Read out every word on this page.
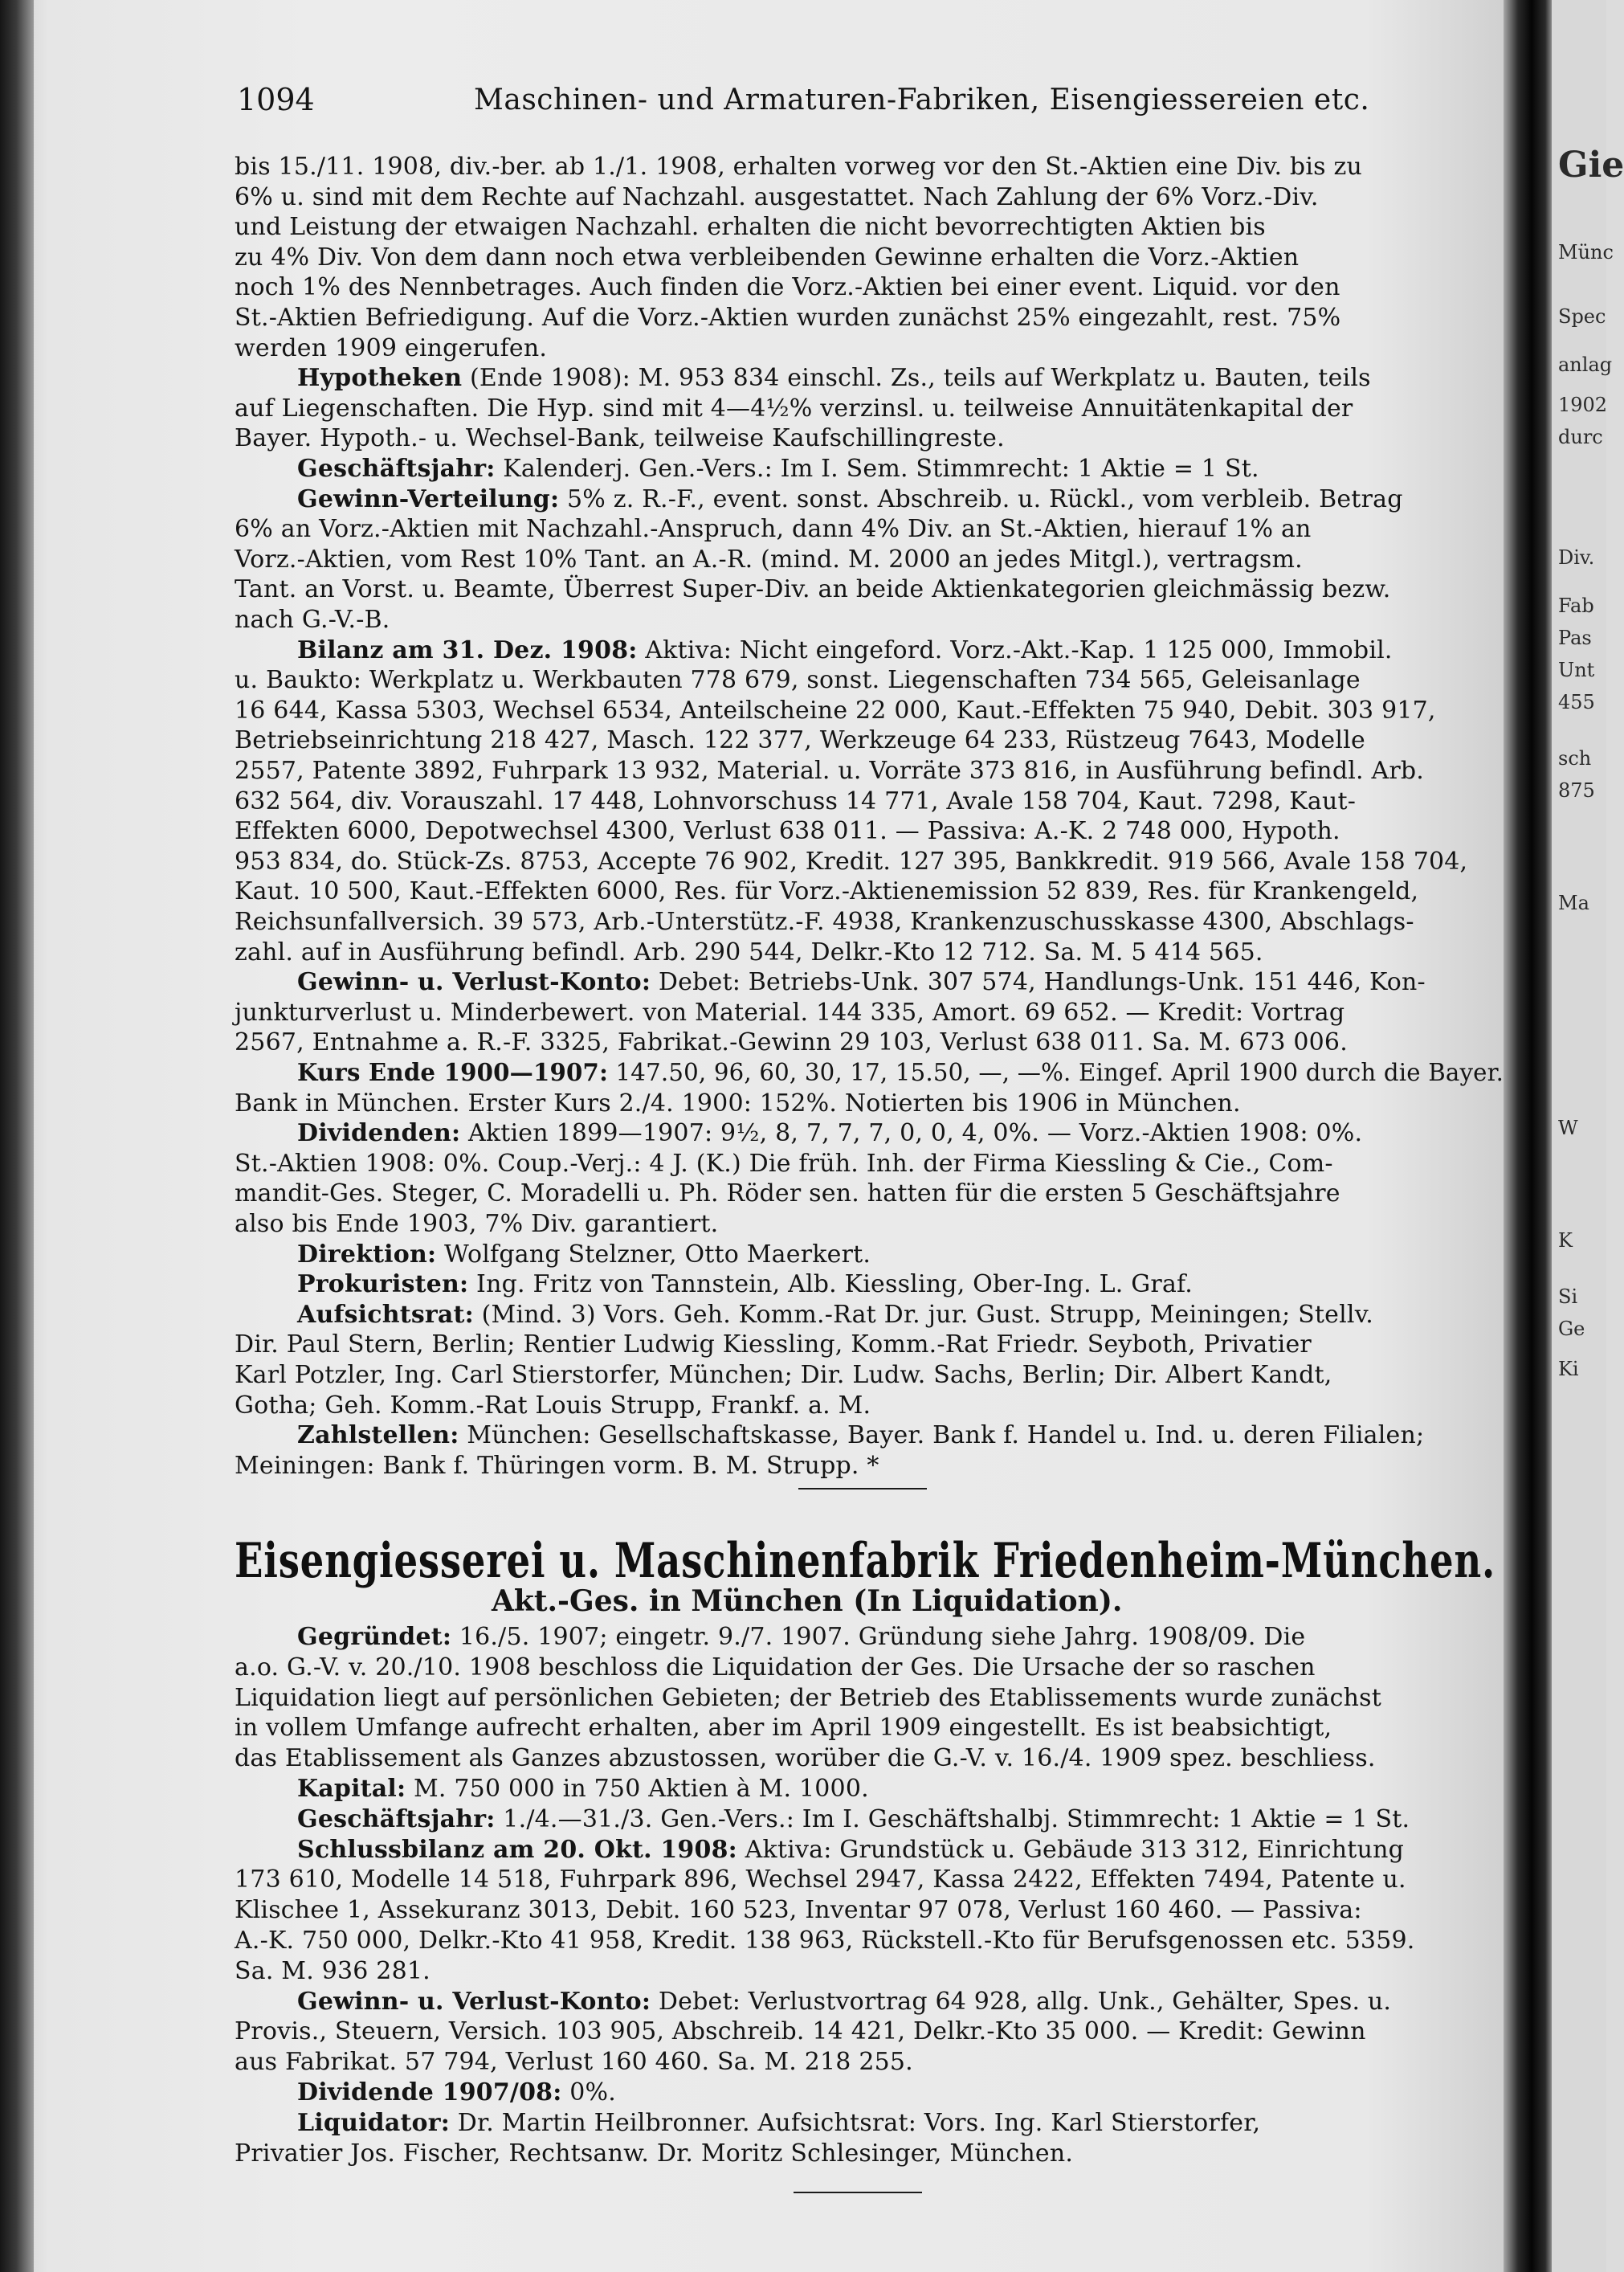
1094	Maschinen- und Armaturen-Fabriken, Eisengiessereien etc.
bis 15./11. 1908, div.-ber. ab 1./1. 1908, erhalten vorweg vor den St.-Aktien eine Div. bis zu
6% u. sind mit dem Rechte auf Nachzahl. ausgestattet. Nach Zahlung der 6% Vorz.-Div.
und Leistung der etwaigen Nachzahl. erhalten die nicht bevorrechtigten Aktien bis
zu 4% Div. Von dem dann noch etwa verbleibenden Gewinne erhalten die Vorz.-Aktien
noch 1% des Nennbetrages. Auch finden die Vorz.-Aktien bei einer event. Liquid. vor den
St.-Aktien Befriedigung. Auf die Vorz.-Aktien wurden zunächst 25% eingezahlt, rest. 75%
werden 1909 eingerufen.
Hypotheken (Ende 1908): M. 953 834 einschl. Zs., teils auf Werkplatz u. Bauten, teils
auf Liegenschaften. Die Hyp. sind mit 4—4½% verzinsl. u. teilweise Annuitätenkapital der
Bayer. Hypoth.- u. Wechsel-Bank, teilweise Kaufschillingreste.
Geschäftsjahr: Kalenderj. Gen.-Vers.: Im I. Sem. Stimmrecht: 1 Aktie = 1 St.
Gewinn-Verteilung: 5% z. R.-F., event. sonst. Abschreib. u. Rückl., vom verbleib. Betrag
6% an Vorz.-Aktien mit Nachzahl.-Anspruch, dann 4% Div. an St.-Aktien, hierauf 1% an
Vorz.-Aktien, vom Rest 10% Tant. an A.-R. (mind. M. 2000 an jedes Mitgl.), vertragsm.
Tant. an Vorst. u. Beamte, Überrest Super-Div. an beide Aktienkategorien gleichmässig bezw.
nach G.-V.-B.
Bilanz am 31. Dez. 1908: Aktiva: Nicht eingeford. Vorz.-Akt.-Kap. 1 125 000, Immobil.
u. Baukto: Werkplatz u. Werkbauten 778 679, sonst. Liegenschaften 734 565, Geleisanlage
16 644, Kassa 5303, Wechsel 6534, Anteilscheine 22 000, Kaut.-Effekten 75 940, Debit. 303 917,
Betriebseinrichtung 218 427, Masch. 122 377, Werkzeuge 64 233, Rüstzeug 7643, Modelle
2557, Patente 3892, Fuhrpark 13 932, Material. u. Vorräte 373 816, in Ausführung befindl. Arb.
632 564, div. Vorauszahl. 17 448, Lohnvorschuss 14 771, Avale 158 704, Kaut. 7298, Kaut-
Effekten 6000, Depotwechsel 4300, Verlust 638 011. — Passiva: A.-K. 2 748 000, Hypoth.
953 834, do. Stück-Zs. 8753, Accepte 76 902, Kredit. 127 395, Bankkredit. 919 566, Avale 158 704,
Kaut. 10 500, Kaut.-Effekten 6000, Res. für Vorz.-Aktienemission 52 839, Res. für Krankengeld,
Reichsunfallversich. 39 573, Arb.-Unterstütz.-F. 4938, Krankenzuschusskasse 4300, Abschlags-
zahl. auf in Ausführung befindl. Arb. 290 544, Delkr.-Kto 12 712. Sa. M. 5 414 565.
Gewinn- u. Verlust-Konto: Debet: Betriebs-Unk. 307 574, Handlungs-Unk. 151 446, Kon-
junkturverlust u. Minderbewert. von Material. 144 335, Amort. 69 652. — Kredit: Vortrag
2567, Entnahme a. R.-F. 3325, Fabrikat.-Gewinn 29 103, Verlust 638 011. Sa. M. 673 006.
Kurs Ende 1900—1907: 147.50, 96, 60, 30, 17, 15.50, —, —%. Eingef. April 1900 durch die Bayer.
Bank in München. Erster Kurs 2./4. 1900: 152%. Notierten bis 1906 in München.
Dividenden: Aktien 1899—1907: 9½, 8, 7, 7, 7, 0, 0, 4, 0%. — Vorz.-Aktien 1908: 0%.
St.-Aktien 1908: 0%. Coup.-Verj.: 4 J. (K.) Die früh. Inh. der Firma Kiessling & Cie., Com-
mandit-Ges. Steger, C. Moradelli u. Ph. Röder sen. hatten für die ersten 5 Geschäftsjahre
also bis Ende 1903, 7% Div. garantiert.
Direktion: Wolfgang Stelzner, Otto Maerkert.
Prokuristen: Ing. Fritz von Tannstein, Alb. Kiessling, Ober-Ing. L. Graf.
Aufsichtsrat: (Mind. 3) Vors. Geh. Komm.-Rat Dr. jur. Gust. Strupp, Meiningen; Stellv.
Dir. Paul Stern, Berlin; Rentier Ludwig Kiessling, Komm.-Rat Friedr. Seyboth, Privatier
Karl Potzler, Ing. Carl Stierstorfer, München; Dir. Ludw. Sachs, Berlin; Dir. Albert Kandt,
Gotha; Geh. Komm.-Rat Louis Strupp, Frankf. a. M.
Zahlstellen: München: Gesellschaftskasse, Bayer. Bank f. Handel u. Ind. u. deren Filialen;
Meiningen: Bank f. Thüringen vorm. B. M. Strupp. *
Eisengiesserei u. Maschinenfabrik Friedenheim-München.
Akt.-Ges. in München (In Liquidation).
Gegründet: 16./5. 1907; eingetr. 9./7. 1907. Gründung siehe Jahrg. 1908/09. Die
a.o. G.-V. v. 20./10. 1908 beschloss die Liquidation der Ges. Die Ursache der so raschen
Liquidation liegt auf persönlichen Gebieten; der Betrieb des Etablissements wurde zunächst
in vollem Umfange aufrecht erhalten, aber im April 1909 eingestellt. Es ist beabsichtigt,
das Etablissement als Ganzes abzustossen, worüber die G.-V. v. 16./4. 1909 spez. beschliess.
Kapital: M. 750 000 in 750 Aktien à M. 1000.
Geschäftsjahr: 1./4.—31./3. Gen.-Vers.: Im I. Geschäftshalbj. Stimmrecht: 1 Aktie = 1 St.
Schlussbilanz am 20. Okt. 1908: Aktiva: Grundstück u. Gebäude 313 312, Einrichtung
173 610, Modelle 14 518, Fuhrpark 896, Wechsel 2947, Kassa 2422, Effekten 7494, Patente u.
Klischee 1, Assekuranz 3013, Debit. 160 523, Inventar 97 078, Verlust 160 460. — Passiva:
A.-K. 750 000, Delkr.-Kto 41 958, Kredit. 138 963, Rückstell.-Kto für Berufsgenossen etc. 5359.
Sa. M. 936 281.
Gewinn- u. Verlust-Konto: Debet: Verlustvortrag 64 928, allg. Unk., Gehälter, Spes. u.
Provis., Steuern, Versich. 103 905, Abschreib. 14 421, Delkr.-Kto 35 000. — Kredit: Gewinn
aus Fabrikat. 57 794, Verlust 160 460. Sa. M. 218 255.
Dividende 1907/08: 0%.
Liquidator: Dr. Martin Heilbronner. Aufsichtsrat: Vors. Ing. Karl Stierstorfer,
Privatier Jos. Fischer, Rechtsanw. Dr. Moritz Schlesinger, München.
Gie
Münc
Spec
anlag
1902
durc
Div.
Fab
Pas
Unt
455
sch
875
Ma
W
K
Si
Ge
Ki
